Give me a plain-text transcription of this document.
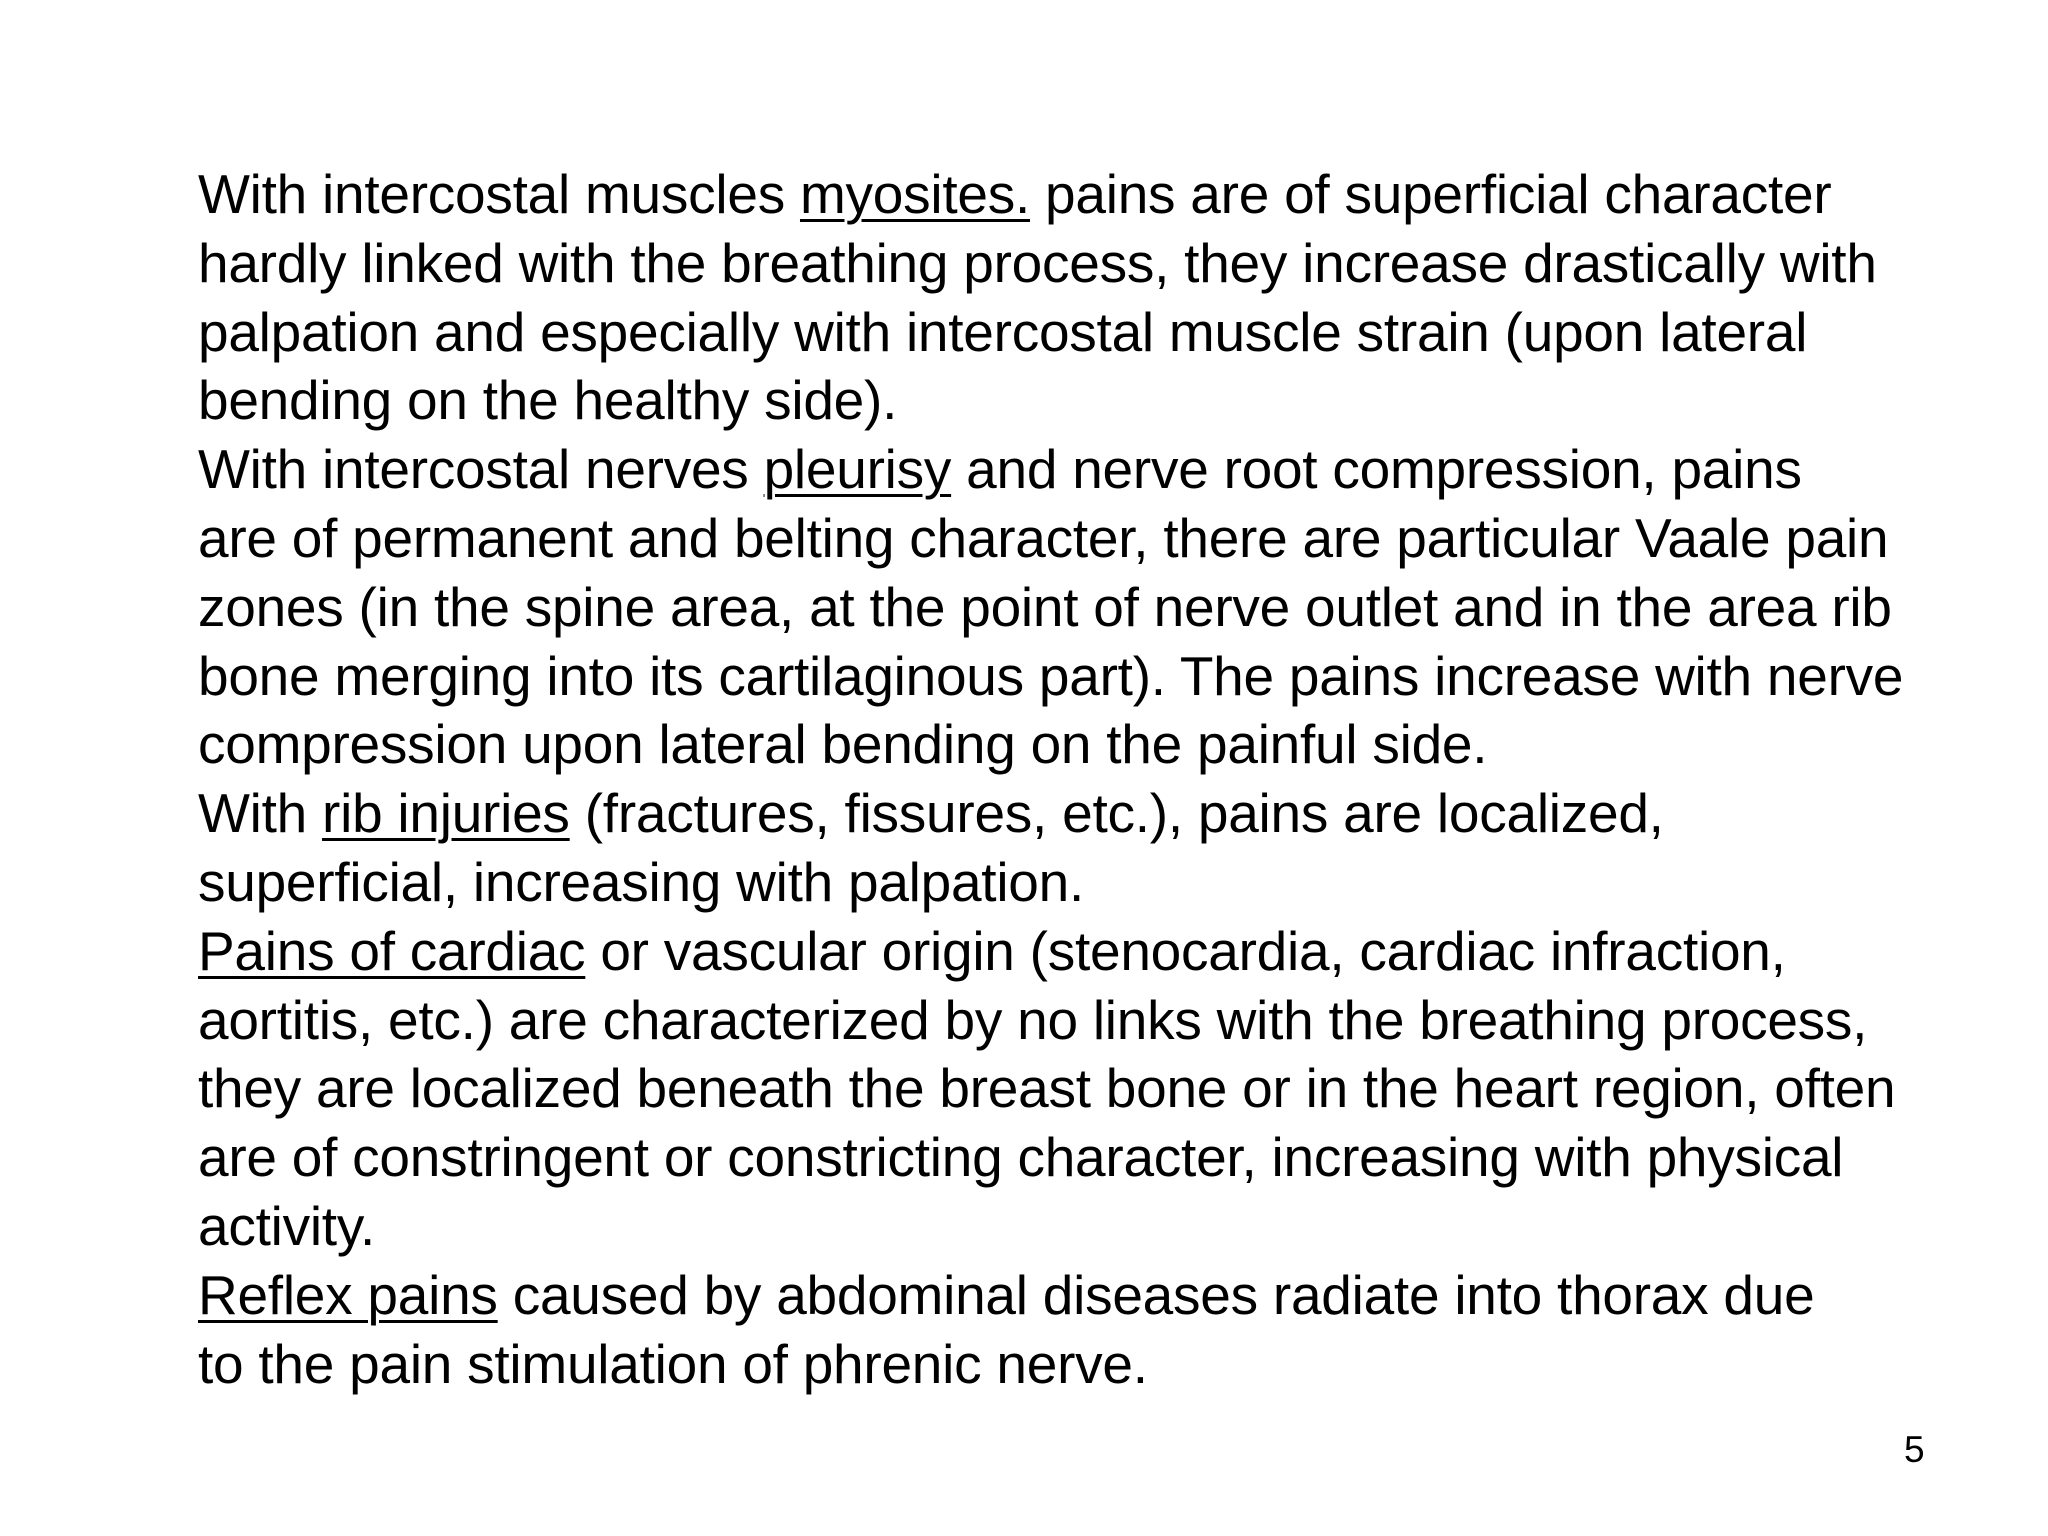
With intercostal muscles myosites. pains are of superficial character
hardly linked with the breathing process, they increase drastically with
palpation and especially with intercostal muscle strain (upon lateral
bending on the healthy side).

With intercostal nerves pleurisy and nerve root compression, pains
are of permanent and belting character, there are particular Vaale pain
zones (in the spine area, at the point of nerve outlet and in the area rib
bone merging into its cartilaginous part). The pains increase with nerve
compression upon lateral bending on the painful side.

With rib injuries (fractures, fissures, etc.), pains are localized,
superficial, increasing with palpation.

Pains of cardiac or vascular origin (stenocardia, cardiac infraction,
aortitis, etc.) are characterized by no links with the breathing process,
they are localized beneath the breast bone or in the heart region, often
are of constringent or constricting character, increasing with physical
activity.

Reflex pains caused by abdominal diseases radiate into thorax due
to the pain stimulation of phrenic nerve.

5
